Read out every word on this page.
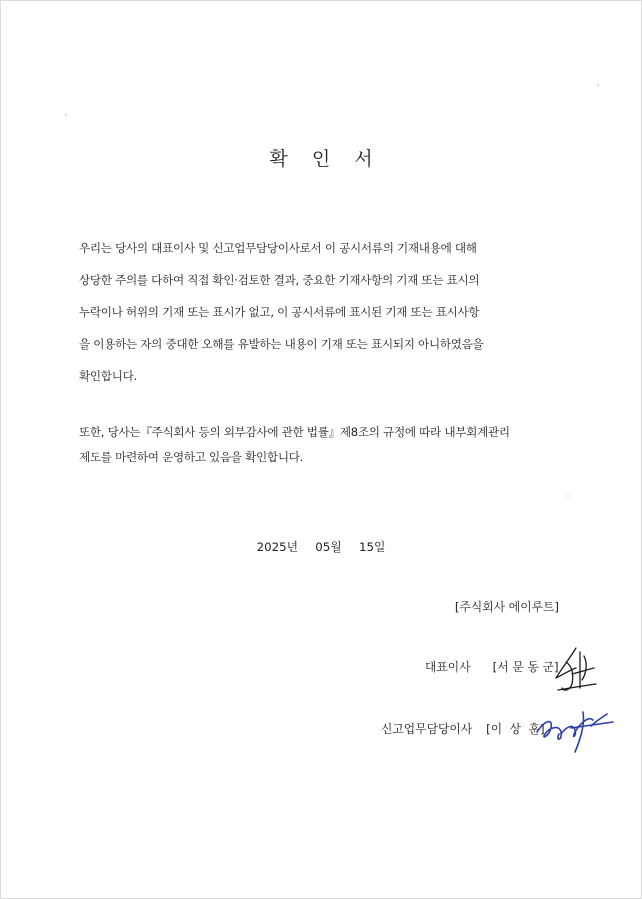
확 인 서
우리는 당사의 대표이사 및 신고업무담당이사로서 이 공시서류의 기재내용에 대해
상당한 주의를 다하여 직접 확인·검토한 결과, 중요한 기재사항의 기재 또는 표시의
누락이나 허위의 기재 또는 표시가 없고, 이 공시서류에 표시된 기재 또는 표시사항
을 이용하는 자의 중대한 오해를 유발하는 내용이 기재 또는 표시되지 아니하였음을
확인합니다.
또한, 당사는『주식회사 등의 외부감사에 관한 법률』제8조의 규정에 따라 내부회계관리
제도를 마련하여 운영하고 있음을 확인합니다.
2025년   05월   15일
[주식회사 에이루트]
대표이사 [서 문 동 군]
신고업무담당이사 [이  상  훈]
